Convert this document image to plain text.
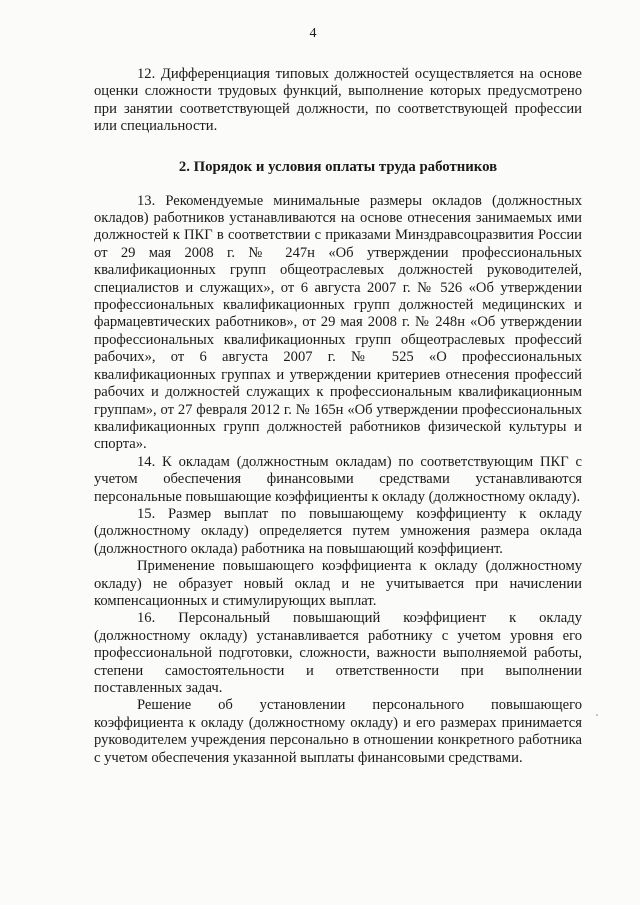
4

12. Дифференциация типовых должностей осуществляется на основе оценки сложности трудовых функций, выполнение которых предусмотрено при занятии соответствующей должности, по соответствующей профессии или специальности.

2. Порядок и условия оплаты труда работников

13. Рекомендуемые минимальные размеры окладов (должностных окладов) работников устанавливаются на основе отнесения занимаемых ими должностей к ПКГ в соответствии с приказами Минздравсоцразвития России от 29 мая 2008 г. № 247н «Об утверждении профессиональных квалификационных групп общеотраслевых должностей руководителей, специалистов и служащих», от 6 августа 2007 г. № 526 «Об утверждении профессиональных квалификационных групп должностей медицинских и фармацевтических работников», от 29 мая 2008 г. № 248н «Об утверждении профессиональных квалификационных групп общеотраслевых профессий рабочих», от 6 августа 2007 г. № 525 «О профессиональных квалификационных группах и утверждении критериев отнесения профессий рабочих и должностей служащих к профессиональным квалификационным группам», от 27 февраля 2012 г. № 165н «Об утверждении профессиональных квалификационных групп должностей работников физической культуры и спорта».

14. К окладам (должностным окладам) по соответствующим ПКГ с учетом обеспечения финансовыми средствами устанавливаются персональные повышающие коэффициенты к окладу (должностному окладу).

15. Размер выплат по повышающему коэффициенту к окладу (должностному окладу) определяется путем умножения размера оклада (должностного оклада) работника на повышающий коэффициент.

Применение повышающего коэффициента к окладу (должностному окладу) не образует новый оклад и не учитывается при начислении компенсационных и стимулирующих выплат.

16. Персональный повышающий коэффициент к окладу (должностному окладу) устанавливается работнику с учетом уровня его профессиональной подготовки, сложности, важности выполняемой работы, степени самостоятельности и ответственности при выполнении поставленных задач.

Решение об установлении персонального повышающего коэффициента к окладу (должностному окладу) и его размерах принимается руководителем учреждения персонально в отношении конкретного работника с учетом обеспечения указанной выплаты финансовыми средствами.
